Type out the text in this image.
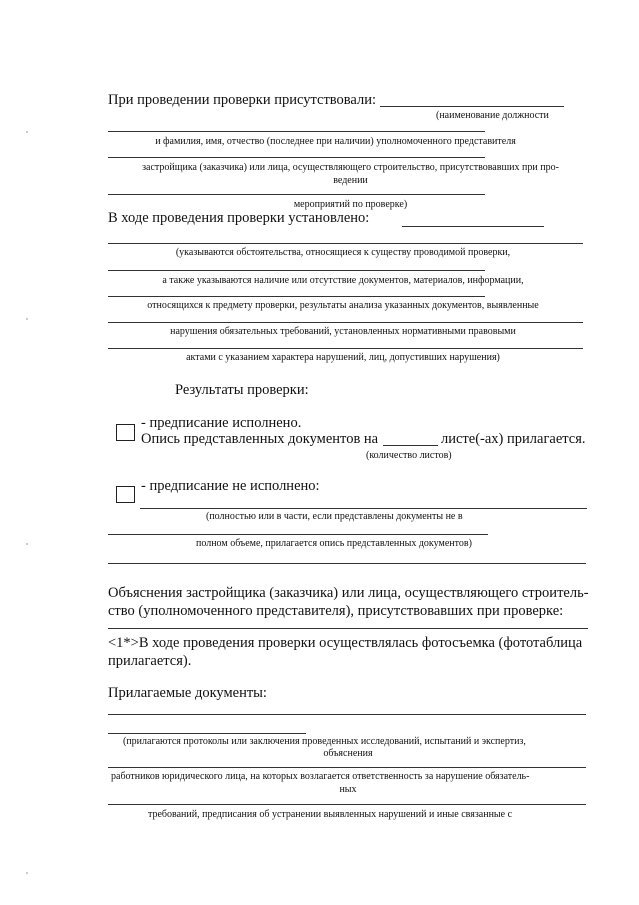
При проведении проверки присутствовали:
(наименование должности
и фамилия, имя, отчество (последнее при наличии) уполномоченного представителя
застройщика (заказчика) или лица, осуществляющего строительство, присутствовавших при про-
ведении
мероприятий по проверке)
В ходе проведения проверки установлено:
(указываются обстоятельства, относящиеся к существу проводимой проверки,
а также указываются наличие или отсутствие документов, материалов, информации,
относящихся к предмету проверки, результаты анализа указанных документов, выявленные
нарушения обязательных требований, установленных нормативными правовыми
актами с указанием характера нарушений, лиц, допустивших нарушения)
Результаты проверки:
- предписание исполнено.
Опись представленных документов на	листе(-ах) прилагается.
(количество листов)
- предписание не исполнено:
(полностью или в части, если представлены документы не в
полном объеме, прилагается опись представленных документов)
Объяснения застройщика (заказчика) или лица, осуществляющего строитель-
ство (уполномоченного представителя), присутствовавших при проверке:
<1*>В ходе проведения проверки осуществлялась фотосъемка (фототаблица
прилагается).
Прилагаемые документы:
(прилагаются протоколы или заключения проведенных исследований, испытаний и экспертиз,
объяснения
работников юридического лица, на которых возлагается ответственность за нарушение обязатель-
ных
требований, предписания об устранении выявленных нарушений и иные связанные с
